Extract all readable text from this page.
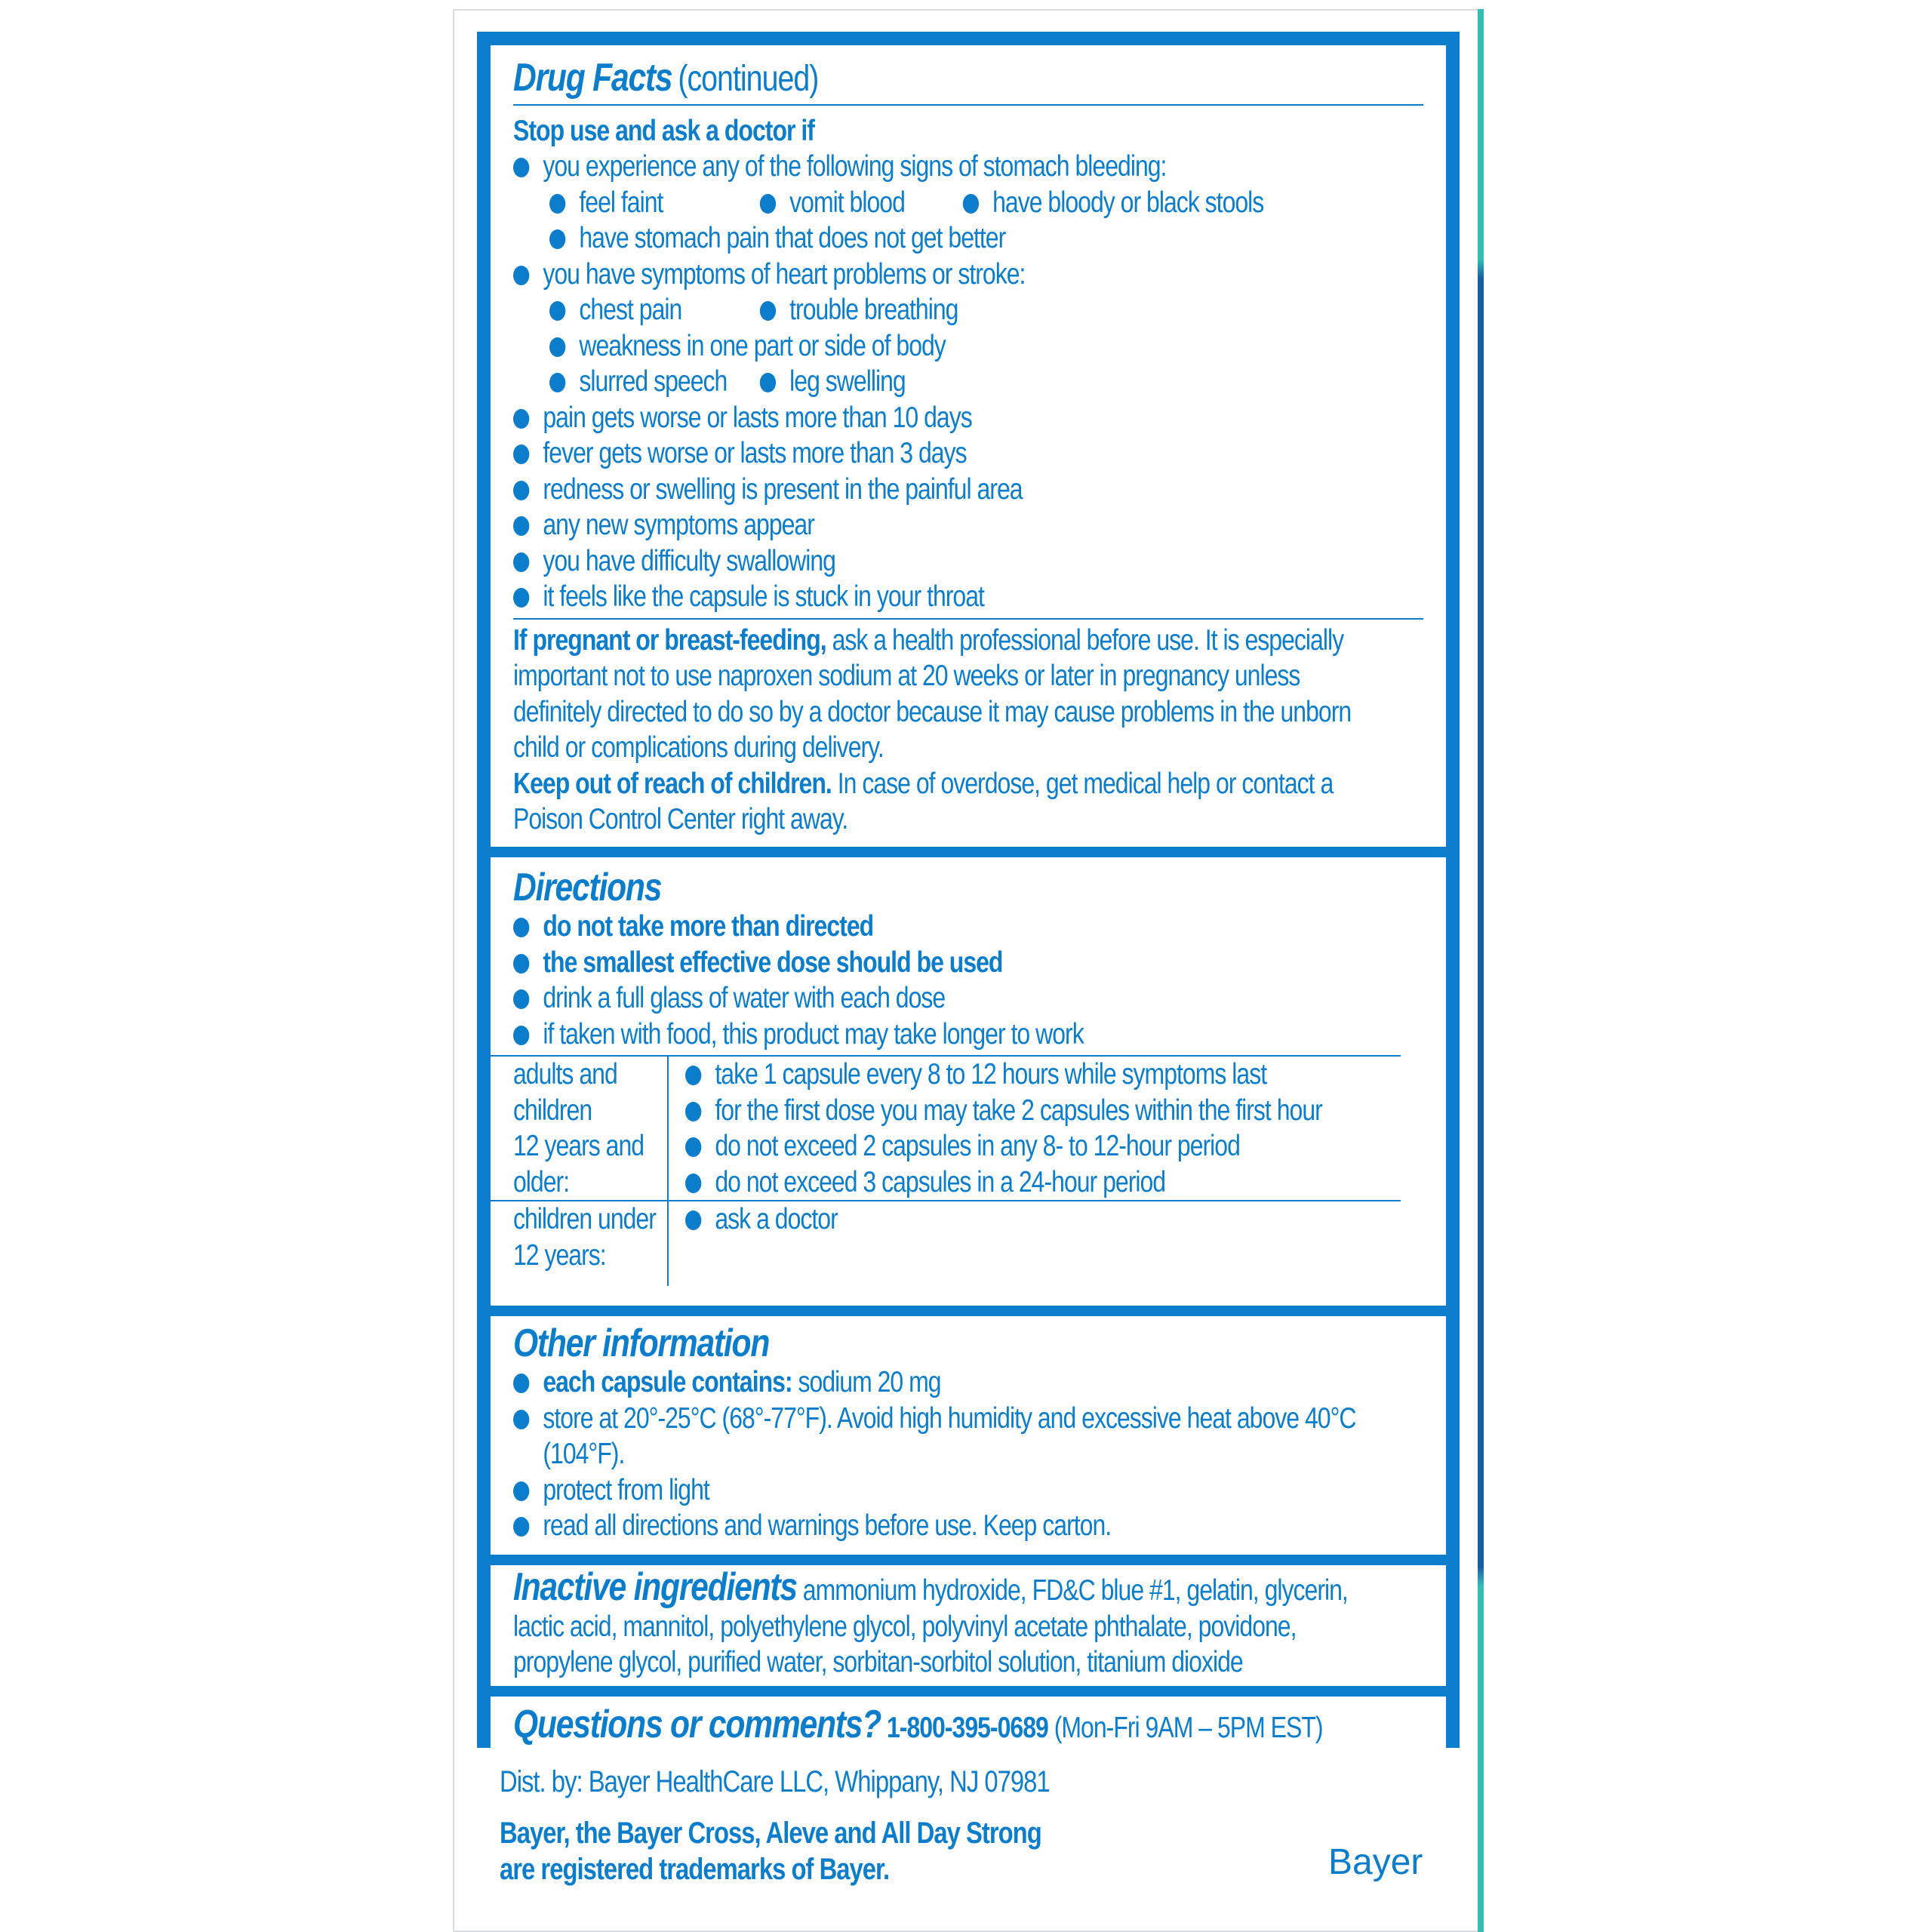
Drug Facts (continued)
Stop use and ask a doctor if
you experience any of the following signs of stomach bleeding:
feel faint	vomit blood	have bloody or black stools
have stomach pain that does not get better
you have symptoms of heart problems or stroke:
chest pain	trouble breathing
weakness in one part or side of body
slurred speech leg swelling
pain gets worse or lasts more than 10 days
fever gets worse or lasts more than 3 days
redness or swelling is present in the painful area
any new symptoms appear
you have difficulty swallowing
it feels like the capsule is stuck in your throat
If pregnant or breast-feeding, ask a health professional before use. It is especially
important not to use naproxen sodium at 20 weeks or later in pregnancy unless
definitely directed to do so by a doctor because it may cause problems in the unborn
child or complications during delivery.
Keep out of reach of children. In case of overdose, get medical help or contact a
Poison Control Center right away.
Directions
do not take more than directed
the smallest effective dose should be used
drink a full glass of water with each dose
if taken with food, this product may take longer to work
adults and
children
12 years and
older:
take 1 capsule every 8 to 12 hours while symptoms last
for the first dose you may take 2 capsules within the first hour
do not exceed 2 capsules in any 8- to 12-hour period
do not exceed 3 capsules in a 24-hour period
children under
12 years:
ask a doctor
Other information
each capsule contains: sodium 20 mg
store at 20°-25°C (68°-77°F). Avoid high humidity and excessive heat above 40°C
(104°F).
protect from light
read all directions and warnings before use. Keep carton.
Inactive ingredients ammonium hydroxide, FD&C blue #1, gelatin, glycerin,
lactic acid, mannitol, polyethylene glycol, polyvinyl acetate phthalate, povidone,
propylene glycol, purified water, sorbitan-sorbitol solution, titanium dioxide
Questions or comments? 1-800-395-0689 (Mon-Fri 9AM – 5PM EST)
Dist. by: Bayer HealthCare LLC, Whippany, NJ 07981
Bayer, the Bayer Cross, Aleve and All Day Strong
are registered trademarks of Bayer.	Bayer
